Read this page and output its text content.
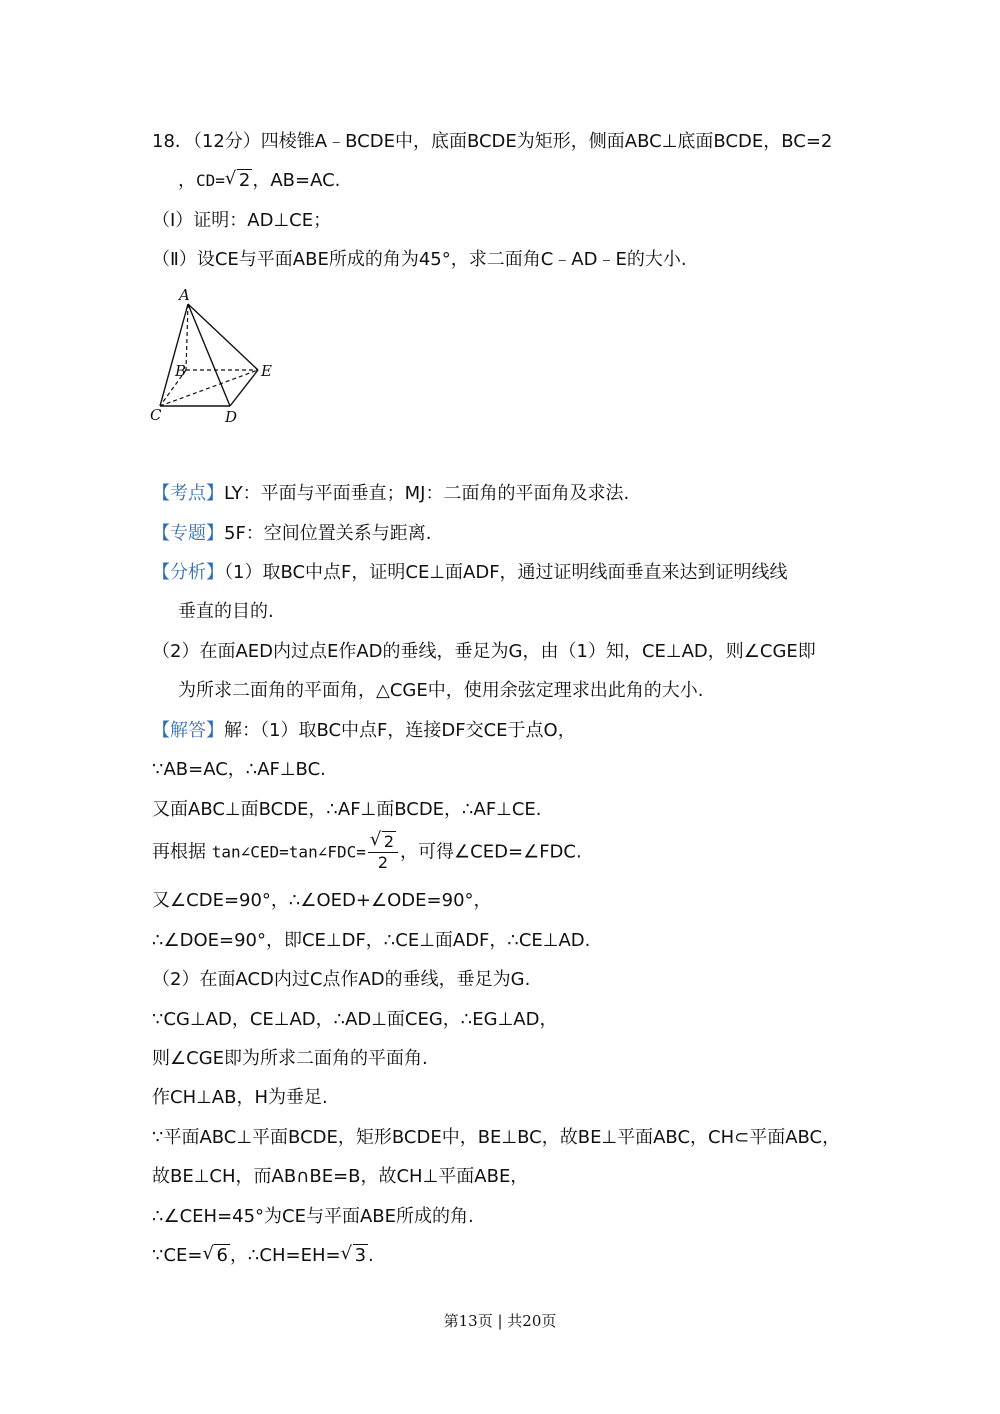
18．（12分）四棱锥A﹣BCDE中，底面BCDE为矩形，侧面ABC⊥底面BCDE，BC=2
，CD= √ 2 ，AB=AC.
（Ⅰ）证明：AD⊥CE；
（Ⅱ）设CE与平面ABE所成的角为45°，求二面角C﹣AD﹣E的大小.
A
B
C	D
E
【考点】LY：平面与平面垂直；MJ：二面角的平面角及求法.
【专题】5F：空间位置关系与距离.
【分析】（1）取BC中点F，证明CE⊥面ADF，通过证明线面垂直来达到证明线线
垂直的目的.
（2）在面AED内过点E作AD的垂线，垂足为G，由（1）知，CE⊥AD，则∠CGE即
为所求二面角的平面角，△CGE中，使用余弦定理求出此角的大小.
【解答】解：（1）取BC中点F，连接DF交CE于点O，
∵AB=AC，∴AF⊥BC.
又面ABC⊥面BCDE，∴AF⊥面BCDE，∴AF⊥CE.
再根据 tan∠CED=tan∠FDC= √ $\frac{2}{2}$ ，可得∠CED=∠FDC.
又∠CDE=90°，∴∠OED+∠ODE=90°，
∴∠DOE=90°，即CE⊥DF，∴CE⊥面ADF，∴CE⊥AD.
（2）在面ACD内过C点作AD的垂线，垂足为G.
∵CG⊥AD，CE⊥AD，∴AD⊥面CEG，∴EG⊥AD，
则∠CGE即为所求二面角的平面角.
作CH⊥AB，H为垂足.
∵平面ABC⊥平面BCDE，矩形BCDE中，BE⊥BC，故BE⊥平面ABC，CH⊂平面ABC，
故BE⊥CH，而AB∩BE=B，故CH⊥平面ABE，
∴∠CEH=45°为CE与平面ABE所成的角.
∵CE= √ 6 ，∴CH=EH= √ 3 .
第13页 | 共20页
